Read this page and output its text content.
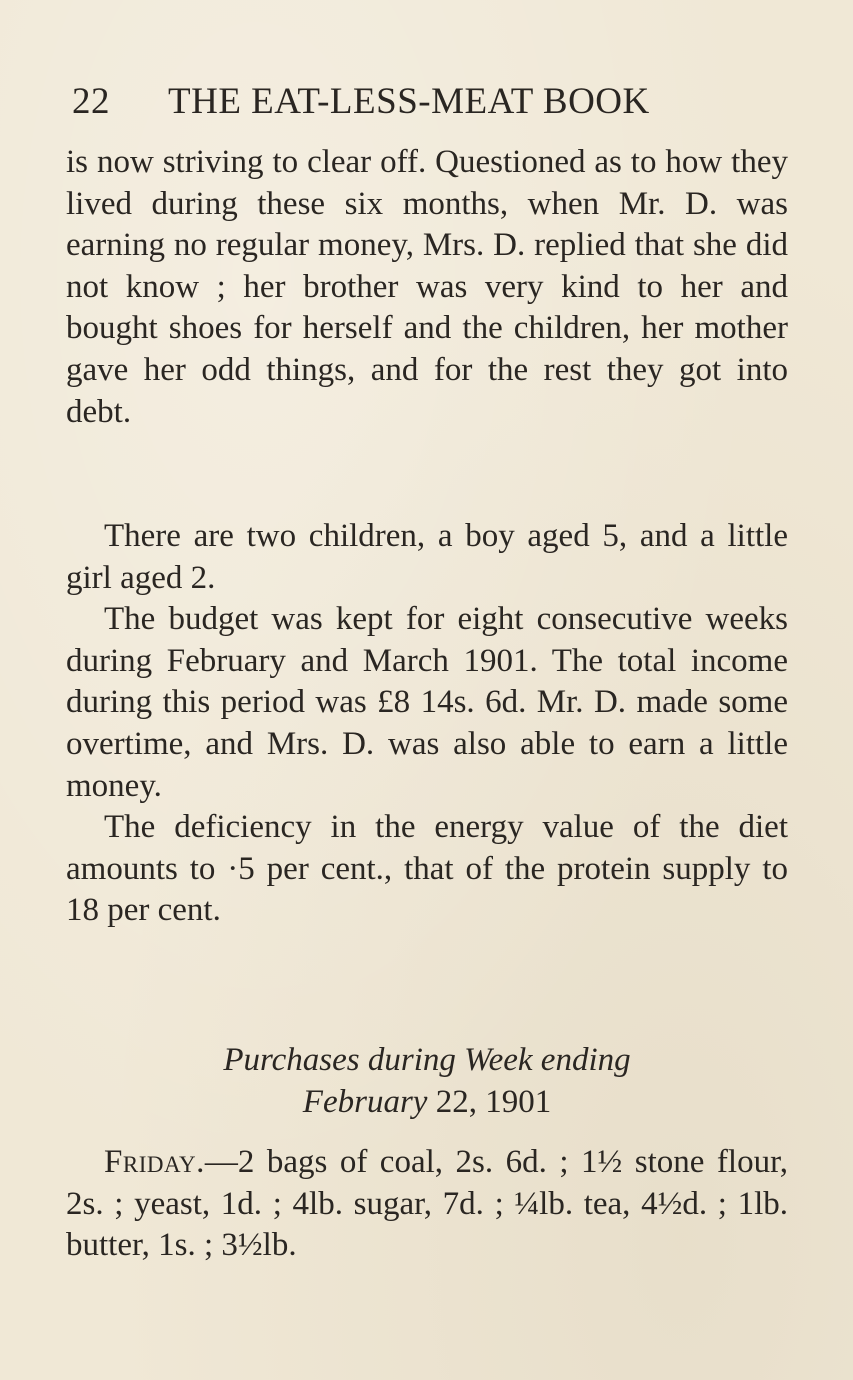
22 THE EAT-LESS-MEAT BOOK

is now striving to clear off. Questioned as to how they lived during these six months, when Mr. D. was earning no regular money, Mrs. D. replied that she did not know ; her brother was very kind to her and bought shoes for herself and the children, her mother gave her odd things, and for the rest they got into debt.

There are two children, a boy aged 5, and a little girl aged 2.

The budget was kept for eight consecutive weeks during February and March 1901. The total income during this period was £8 14s. 6d. Mr. D. made some overtime, and Mrs. D. was also able to earn a little money.

The deficiency in the energy value of the diet amounts to ·5 per cent., that of the protein supply to 18 per cent.

Purchases during Week ending
February 22, 1901

Friday.—2 bags of coal, 2s. 6d. ; 1½ stone flour, 2s. ; yeast, 1d. ; 4lb. sugar, 7d. ; ¼lb. tea, 4½d. ; 1lb. butter, 1s. ; 3½lb.
